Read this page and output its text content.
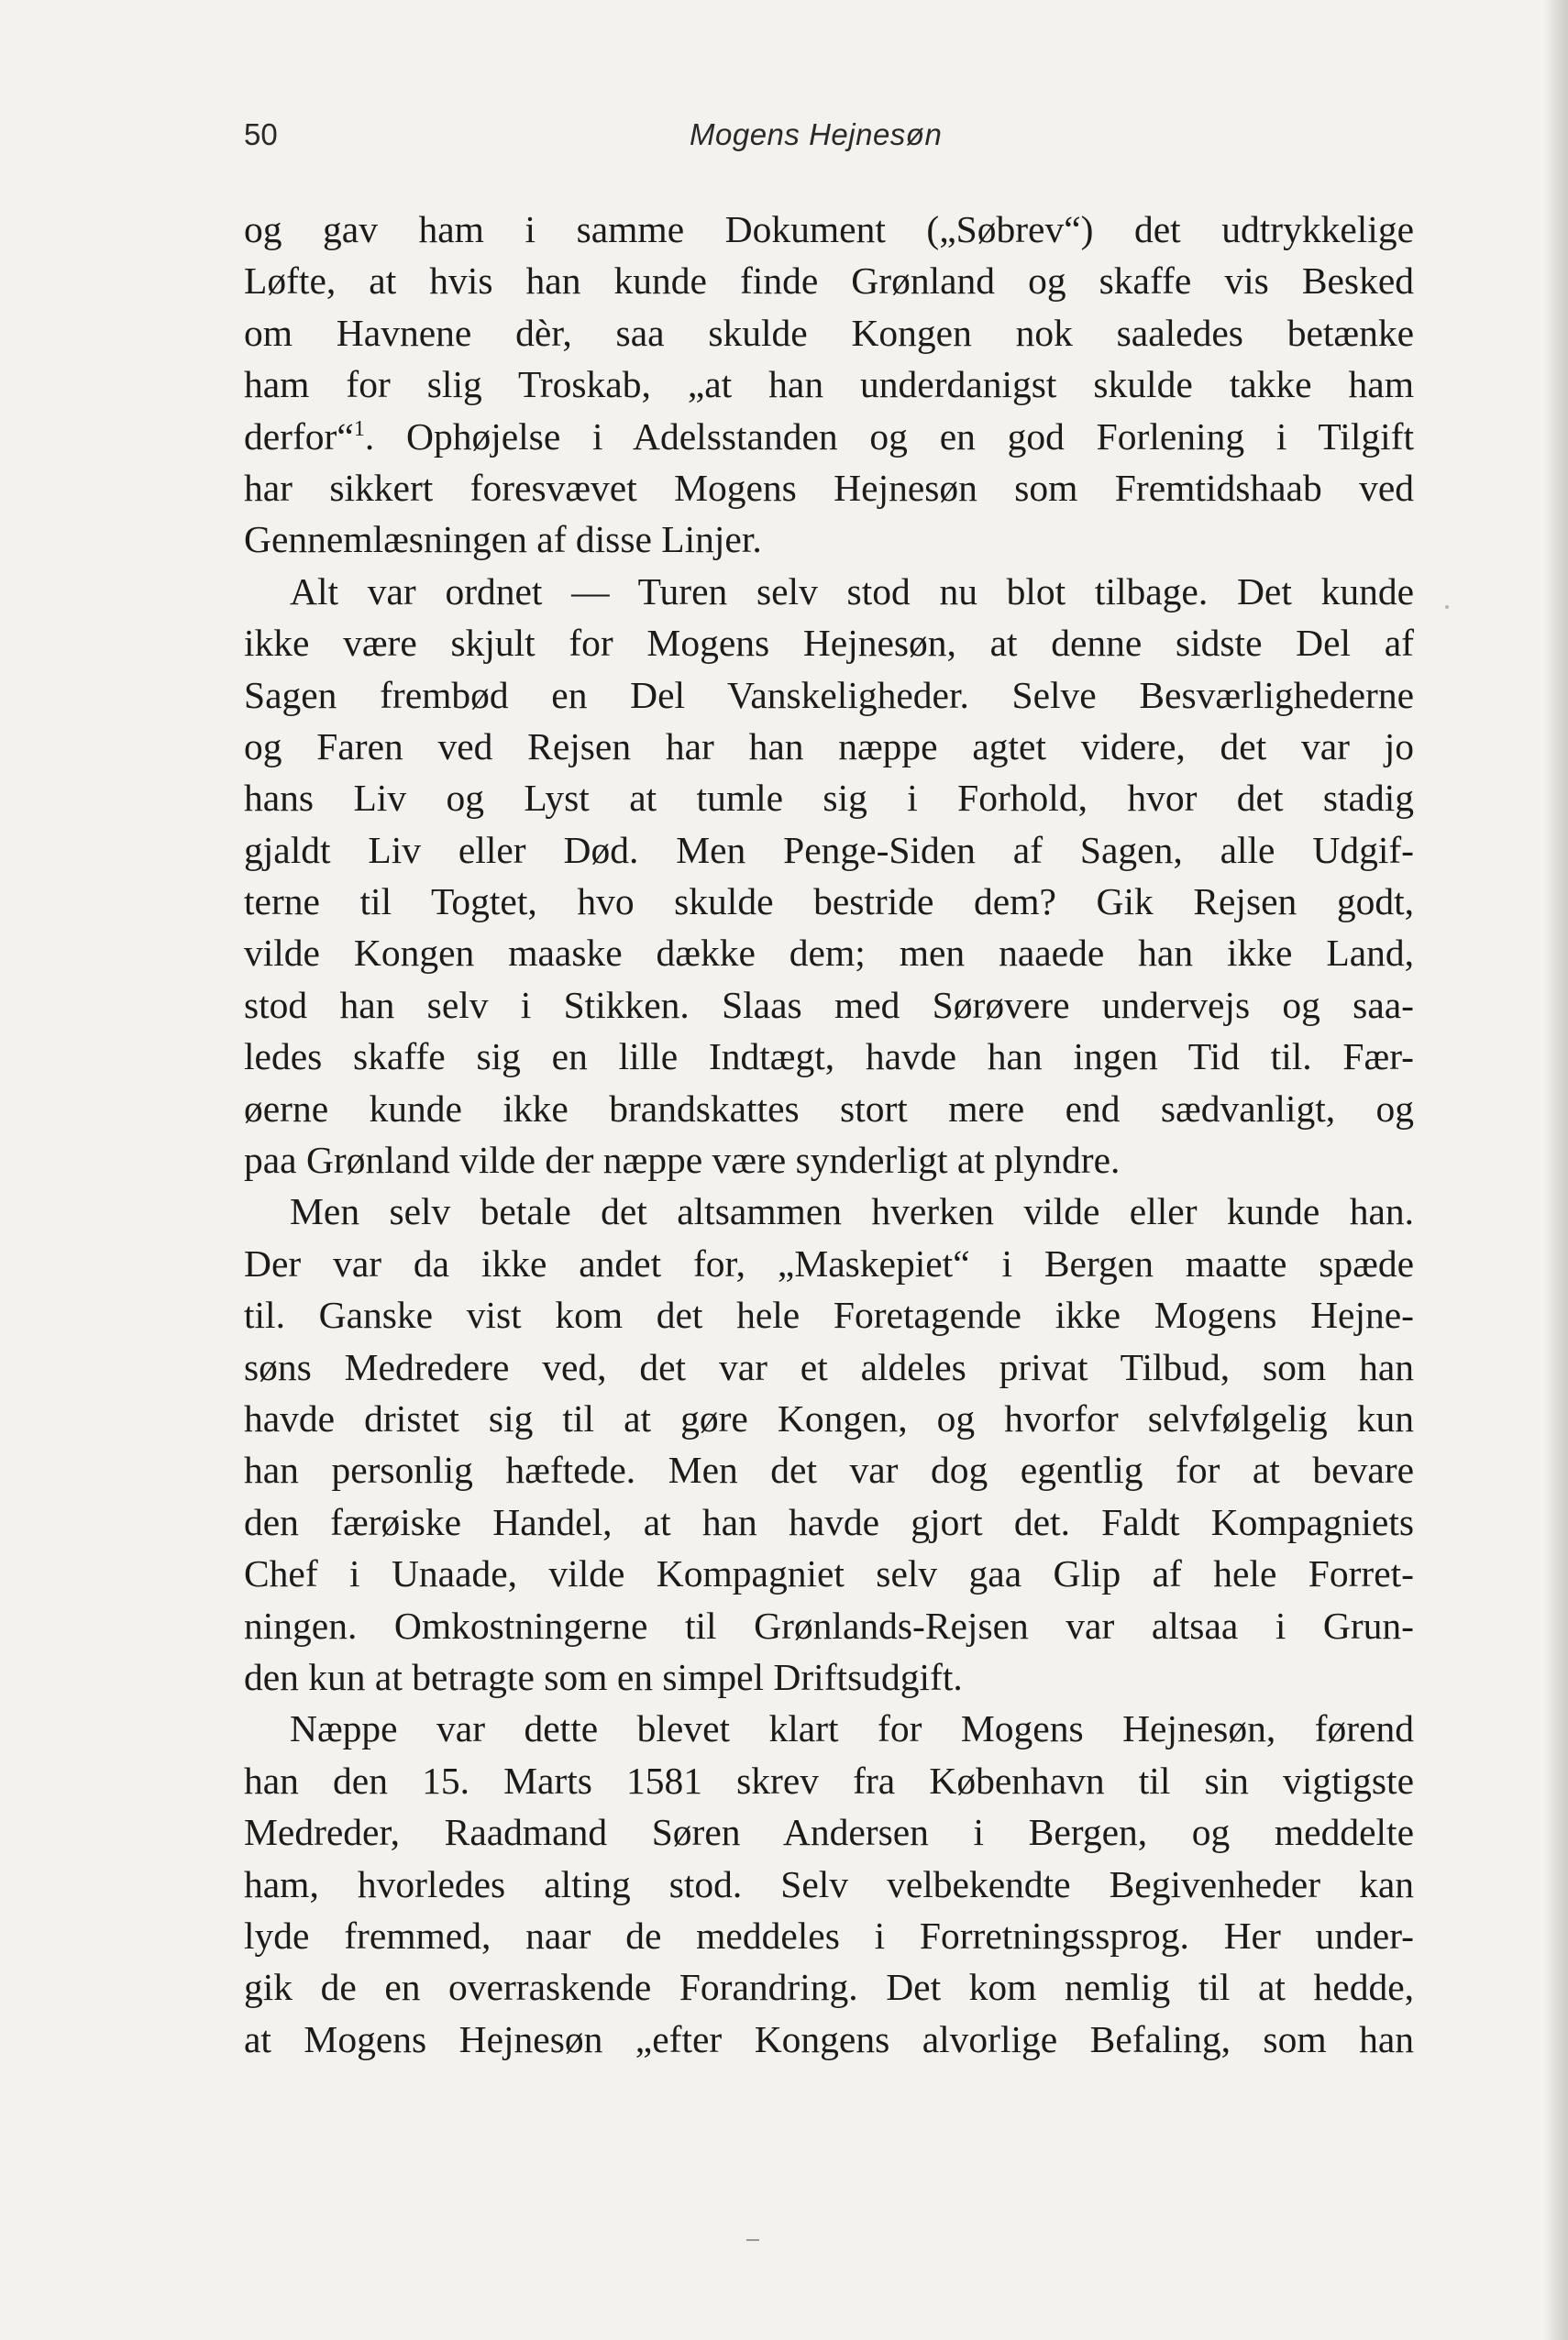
50	Mogens Hejnesøn
og gav ham i samme Dokument („Søbrev“) det udtrykkelige
Løfte, at hvis han kunde finde Grønland og skaffe vis Besked
om Havnene dèr, saa skulde Kongen nok saaledes betænke
ham for slig Troskab, „at han underdanigst skulde takke ham
derfor“$^1$. Ophøjelse i Adelsstanden og en god Forlening i Tilgift
har sikkert foresvævet Mogens Hejnesøn som Fremtidshaab ved
Gennemlæsningen af disse Linjer.
Alt var ordnet — Turen selv stod nu blot tilbage. Det kunde
ikke være skjult for Mogens Hejnesøn, at denne sidste Del af
Sagen frembød en Del Vanskeligheder. Selve Besværlighederne
og Faren ved Rejsen har han næppe agtet videre, det var jo
hans Liv og Lyst at tumle sig i Forhold, hvor det stadig
gjaldt Liv eller Død. Men Penge-Siden af Sagen, alle Udgif-
terne til Togtet, hvo skulde bestride dem? Gik Rejsen godt,
vilde Kongen maaske dække dem; men naaede han ikke Land,
stod han selv i Stikken. Slaas med Sørøvere undervejs og saa-
ledes skaffe sig en lille Indtægt, havde han ingen Tid til. Fær-
øerne kunde ikke brandskattes stort mere end sædvanligt, og
paa Grønland vilde der næppe være synderligt at plyndre.
Men selv betale det altsammen hverken vilde eller kunde han.
Der var da ikke andet for, „Maskepiet“ i Bergen maatte spæde
til. Ganske vist kom det hele Foretagende ikke Mogens Hejne-
søns Medredere ved, det var et aldeles privat Tilbud, som han
havde dristet sig til at gøre Kongen, og hvorfor selvfølgelig kun
han personlig hæftede. Men det var dog egentlig for at bevare
den færøiske Handel, at han havde gjort det. Faldt Kompagniets
Chef i Unaade, vilde Kompagniet selv gaa Glip af hele Forret-
ningen. Omkostningerne til Grønlands-Rejsen var altsaa i Grun-
den kun at betragte som en simpel Driftsudgift.
Næppe var dette blevet klart for Mogens Hejnesøn, førend
han den 15. Marts 1581 skrev fra København til sin vigtigste
Medreder, Raadmand Søren Andersen i Bergen, og meddelte
ham, hvorledes alting stod. Selv velbekendte Begivenheder kan
lyde fremmed, naar de meddeles i Forretningssprog. Her under-
gik de en overraskende Forandring. Det kom nemlig til at hedde,
at Mogens Hejnesøn „efter Kongens alvorlige Befaling, som han
